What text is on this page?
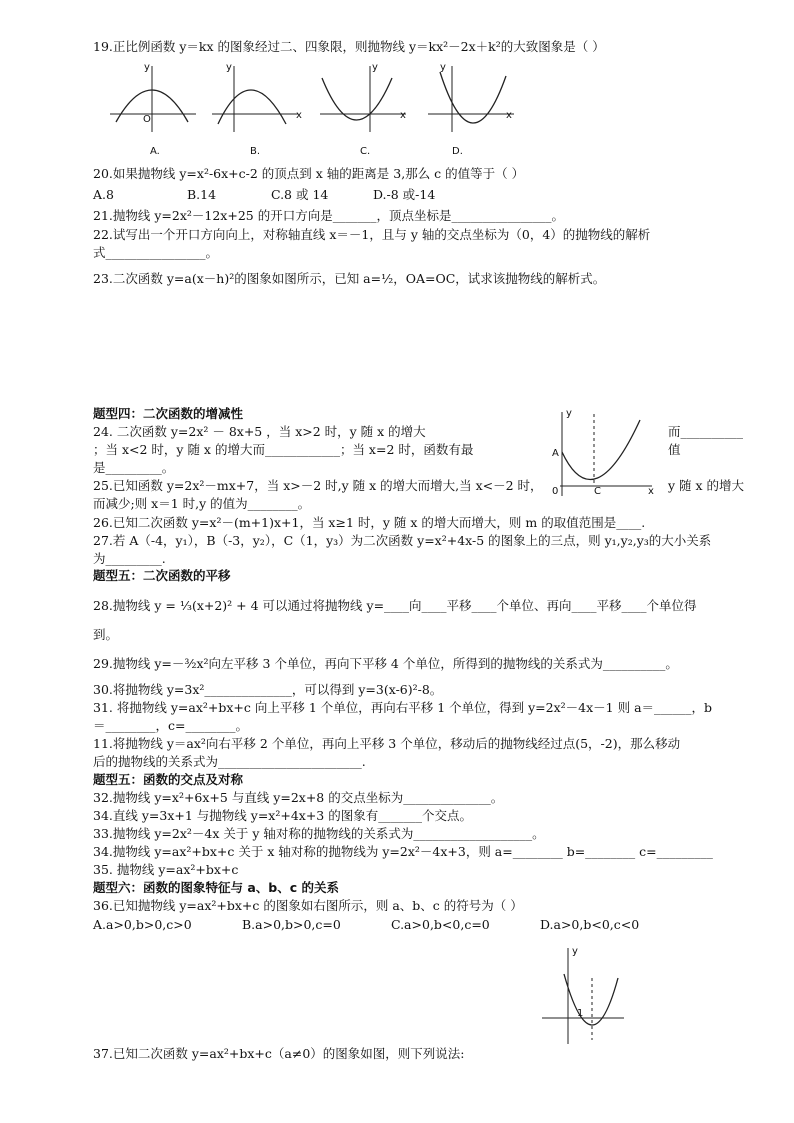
19.正比例函数 y＝kx 的图象经过二、四象限，则抛物线 y＝kx²－2x＋k²的大致图象是（ ）
y
O
y
x
y
x
y
x
A.	B.	C.	D.
20.如果抛物线 y=x²-6x+c-2 的顶点到 x 轴的距离是 3,那么 c 的值等于（ ）
A.8	B.14	C.8 或 14	D.-8 或-14
21.抛物线 y=2x²－12x+25 的开口方向是_______，顶点坐标是________________。
22.试写出一个开口方向向上，对称轴直线 x＝－1，且与 y 轴的交点坐标为（0，4）的抛物线的解析
式________________。
23.二次函数 y=a(x－h)²的图象如图所示，已知 a=½，OA=OC，试求该抛物线的解析式。
题型四：二次函数的增减性
24. 二次函数 y=2x² － 8x+5 ，当 x>2 时，y 随 x 的增大
；当 x<2 时，y 随 x 的增大而____________；当 x=2 时，函数有最
是_________。
而__________
值
y
A
0	C	x
25.已知函数 y=2x²－mx+7，当 x>－2 时,y 随 x 的增大而增大,当 x<－2 时，	y 随 x 的增大
而减少;则 x＝1 时,y 的值为________。
26.已知二次函数 y=x²－(m+1)x+1，当 x≥1 时，y 随 x 的增大而增大，则 m 的取值范围是____.
27.若 A（-4，y₁），B（-3，y₂），C（1，y₃）为二次函数 y=x²+4x-5 的图象上的三点，则 y₁,y₂,y₃的大小关系
为_________.
题型五：二次函数的平移
28.抛物线 y = ⅓(x+2)² + 4 可以通过将抛物线 y=____向____平移____个单位、再向____平移____个单位得
到。
29.抛物线 y=－³⁄₂x²向左平移 3 个单位，再向下平移 4 个单位，所得到的抛物线的关系式为__________。
30.将抛物线 y=3x²______________，可以得到 y=3(x-6)²-8。
31. 将抛物线 y=ax²+bx+c 向上平移 1 个单位，再向右平移 1 个单位，得到 y=2x²－4x－1 则 a＝______，b
＝________，c=________。
11.将抛物线 y＝ax²向右平移 2 个单位，再向上平移 3 个单位，移动后的抛物线经过点(5，-2)，那么移动
后的抛物线的关系式为_______________________.
题型五：函数的交点及对称
32.抛物线 y=x²+6x+5 与直线 y=2x+8 的交点坐标为______________。
34.直线 y=3x+1 与抛物线 y=x²+4x+3 的图象有_______个交点。
33.抛物线 y=2x²－4x 关于 y 轴对称的抛物线的关系式为___________________。
34.抛物线 y=ax²+bx+c 关于 x 轴对称的抛物线为 y=2x²－4x+3，则 a=________ b=________ c=_________
35. 抛物线 y=ax²+bx+c
题型六：函数的图象特征与 a、b、c 的关系
36.已知抛物线 y=ax²+bx+c 的图象如右图所示，则 a、b、c 的符号为（ ）
A.a>0,b>0,c>0	B.a>0,b>0,c=0	C.a>0,b<0,c=0	D.a>0,b<0,c<0
y
1
37.已知二次函数 y=ax²+bx+c（a≠0）的图象如图，则下列说法:
